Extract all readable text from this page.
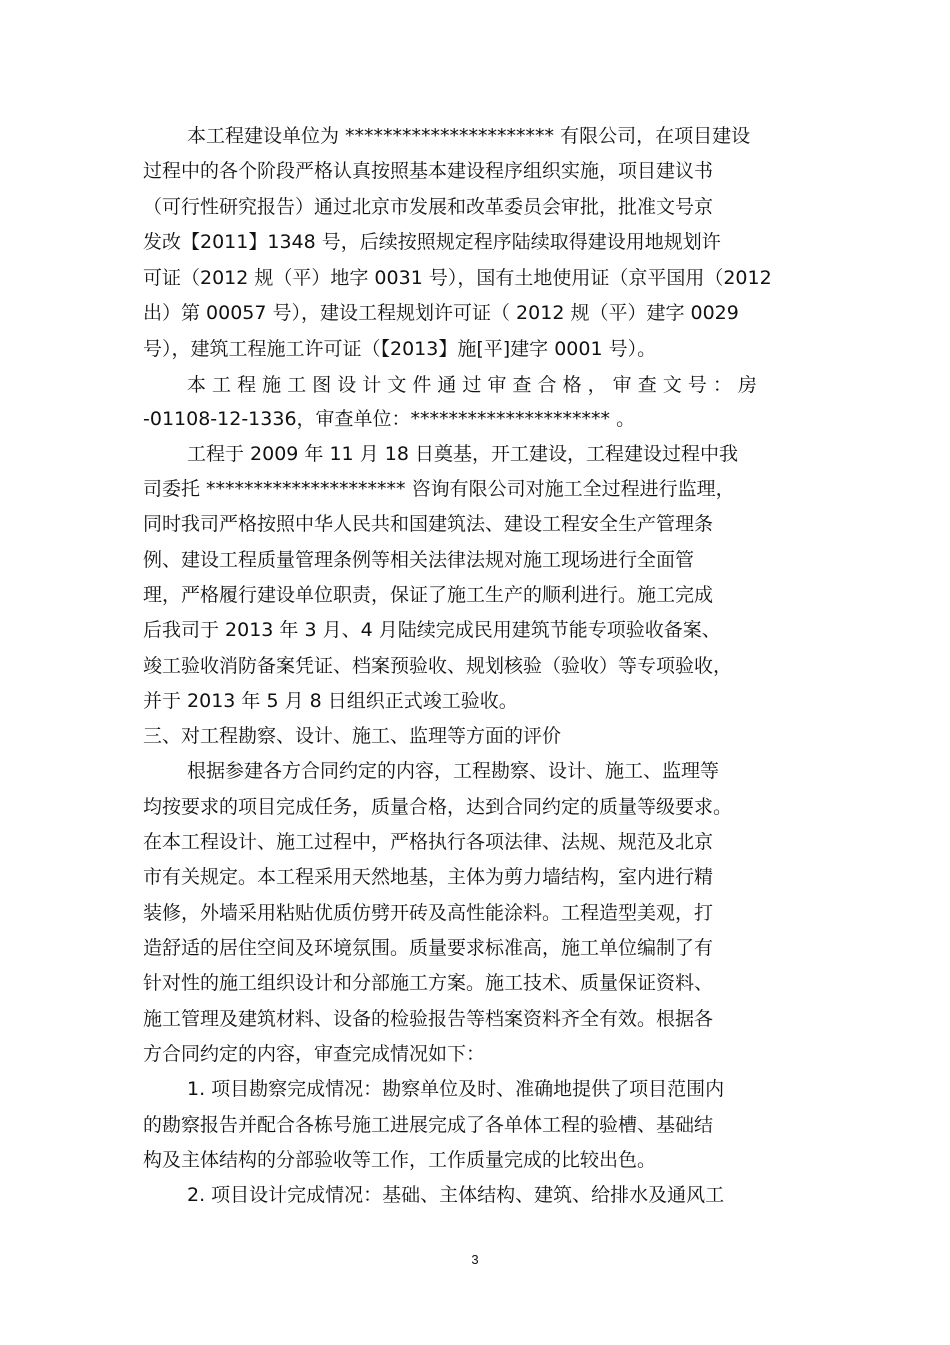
本工程建设单位为 ********************** 有限公司，在项目建设
过程中的各个阶段严格认真按照基本建设程序组织实施，项目建议书
（可行性研究报告）通过北京市发展和改革委员会审批，批准文号京
发改【2011】1348 号，后续按照规定程序陆续取得建设用地规划许
可证（2012 规（平）地字 0031 号），国有土地使用证（京平国用（2012
出）第 00057 号），建设工程规划许可证（ 2012 规（平）建字 0029
号），建筑工程施工许可证（【2013】施[平]建字 0001 号）。
本 工 程 施 工 图 设 计 文 件 通 过 审 查 合 格 ， 审 查 文 号 ： 房
-01108-12-1336，审查单位：********************* 。
工程于 2009 年 11 月 18 日奠基，开工建设，工程建设过程中我
司委托 ********************* 咨询有限公司对施工全过程进行监理，
同时我司严格按照中华人民共和国建筑法、建设工程安全生产管理条
例、建设工程质量管理条例等相关法律法规对施工现场进行全面管
理，严格履行建设单位职责，保证了施工生产的顺利进行。施工完成
后我司于 2013 年 3 月、4 月陆续完成民用建筑节能专项验收备案、
竣工验收消防备案凭证、档案预验收、规划核验（验收）等专项验收，
并于 2013 年 5 月 8 日组织正式竣工验收。
三、对工程勘察、设计、施工、监理等方面的评价
根据参建各方合同约定的内容，工程勘察、设计、施工、监理等
均按要求的项目完成任务，质量合格，达到合同约定的质量等级要求。
在本工程设计、施工过程中，严格执行各项法律、法规、规范及北京
市有关规定。本工程采用天然地基，主体为剪力墙结构，室内进行精
装修，外墙采用粘贴优质仿劈开砖及高性能涂料。工程造型美观，打
造舒适的居住空间及环境氛围。质量要求标准高，施工单位编制了有
针对性的施工组织设计和分部施工方案。施工技术、质量保证资料、
施工管理及建筑材料、设备的检验报告等档案资料齐全有效。根据各
方合同约定的内容，审查完成情况如下：
1. 项目勘察完成情况：勘察单位及时、准确地提供了项目范围内
的勘察报告并配合各栋号施工进展完成了各单体工程的验槽、基础结
构及主体结构的分部验收等工作，工作质量完成的比较出色。
2. 项目设计完成情况：基础、主体结构、建筑、给排水及通风工
3
